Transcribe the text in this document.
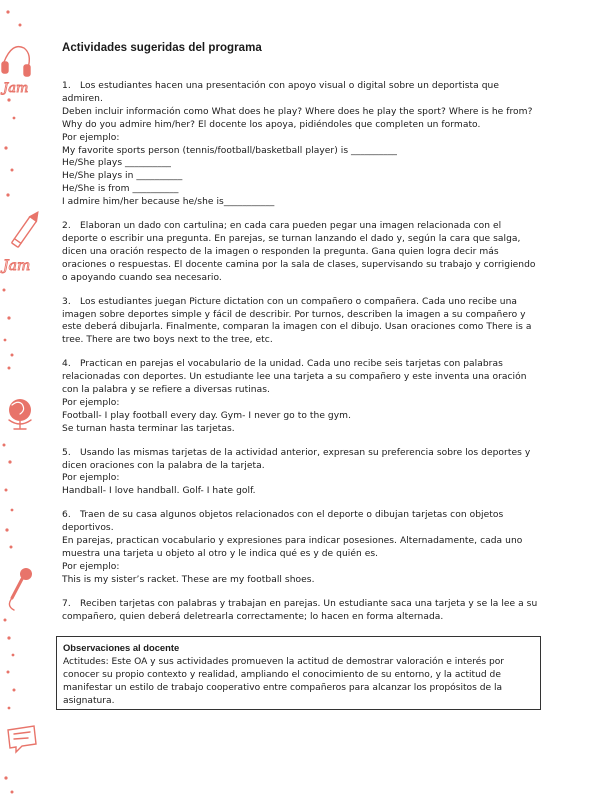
Jam
Jam
Actividades sugeridas del programa

1. Los estudiantes hacen una presentación con apoyo visual o digital sobre un deportista que admiren.

Deben incluir información como What does he play? Where does he play the sport? Where is he from? Why do you admire him/her? El docente los apoya, pidiéndoles que completen un formato.

Por ejemplo:

My favorite sports person (tennis/football/basketball player) is __________

He/She plays __________

He/She plays in __________

He/She is from __________

I admire him/her because he/she is___________

2. Elaboran un dado con cartulina; en cada cara pueden pegar una imagen relacionada con el deporte o escribir una pregunta. En parejas, se turnan lanzando el dado y, según la cara que salga, dicen una oración respecto de la imagen o responden la pregunta. Gana quien logra decir más oraciones o respuestas. El docente camina por la sala de clases, supervisando su trabajo y corrigiendo o apoyando cuando sea necesario.

3. Los estudiantes juegan Picture dictation con un compañero o compañera. Cada uno recibe una imagen sobre deportes simple y fácil de describir. Por turnos, describen la imagen a su compañero y este deberá dibujarla. Finalmente, comparan la imagen con el dibujo. Usan oraciones como There is a tree. There are two boys next to the tree, etc.

4. Practican en parejas el vocabulario de la unidad. Cada uno recibe seis tarjetas con palabras relacionadas con deportes. Un estudiante lee una tarjeta a su compañero y este inventa una oración con la palabra y se refiere a diversas rutinas.

Por ejemplo:

Football- I play football every day. Gym- I never go to the gym.

Se turnan hasta terminar las tarjetas.

5. Usando las mismas tarjetas de la actividad anterior, expresan su preferencia sobre los deportes y dicen oraciones con la palabra de la tarjeta.

Por ejemplo:

Handball- I love handball. Golf- I hate golf.

6. Traen de su casa algunos objetos relacionados con el deporte o dibujan tarjetas con objetos deportivos.

En parejas, practican vocabulario y expresiones para indicar posesiones. Alternadamente, cada uno muestra una tarjeta u objeto al otro y le indica qué es y de quién es.

Por ejemplo:

This is my sister’s racket. These are my football shoes.

7. Reciben tarjetas con palabras y trabajan en parejas. Un estudiante saca una tarjeta y se la lee a su compañero, quien deberá deletrearla correctamente; lo hacen en forma alternada.

Observaciones al docente

Actitudes: Este OA y sus actividades promueven la actitud de demostrar valoración e interés por conocer su propio contexto y realidad, ampliando el conocimiento de su entorno, y la actitud de manifestar un estilo de trabajo cooperativo entre compañeros para alcanzar los propósitos de la asignatura.
